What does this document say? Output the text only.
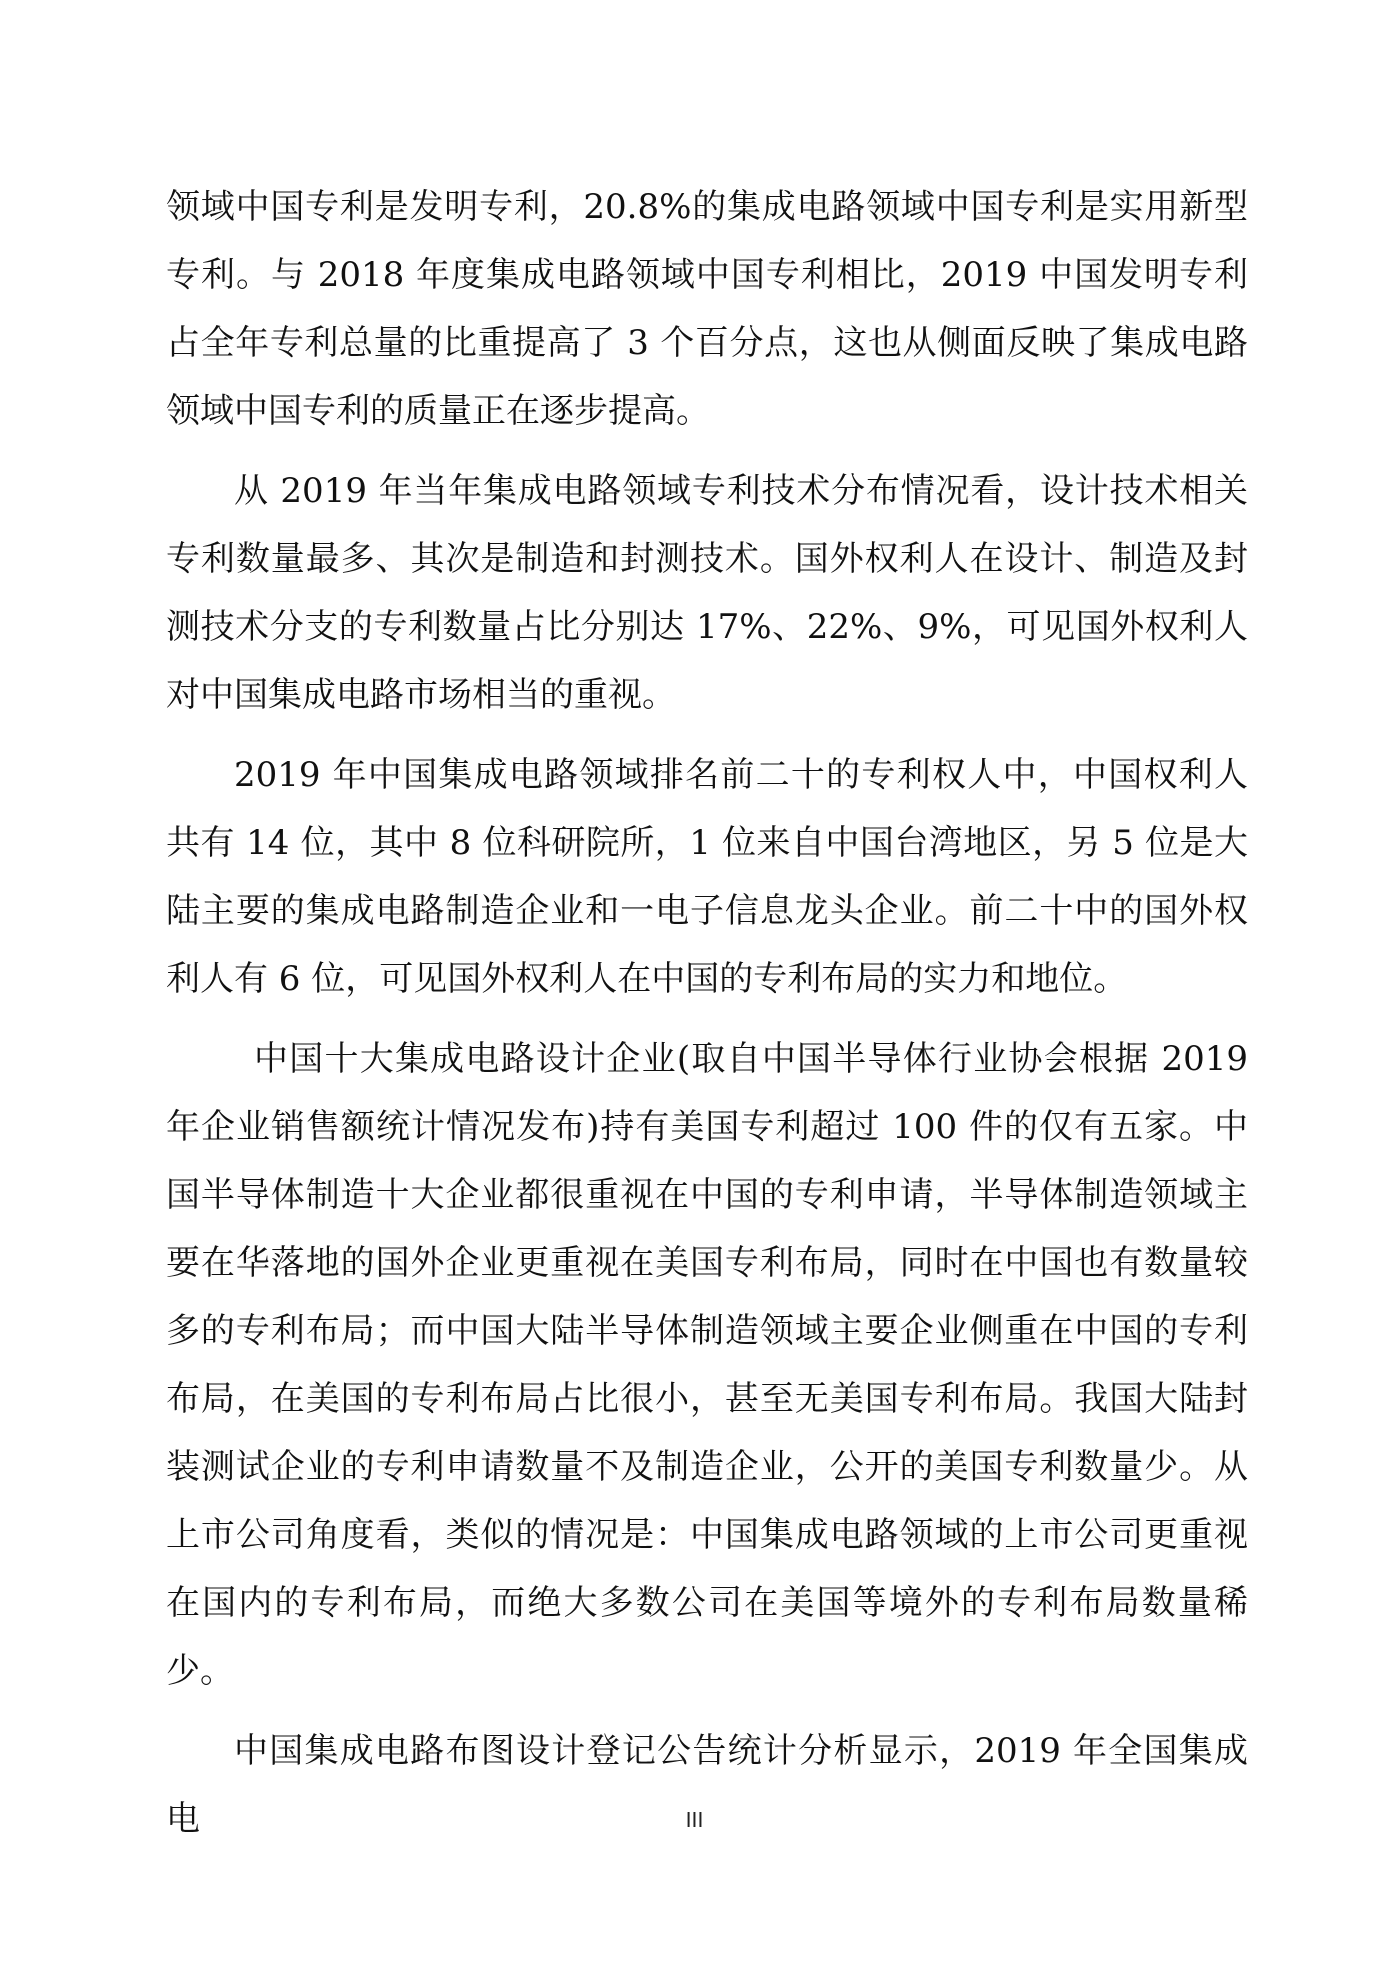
领域中国专利是发明专利，20.8%的集成电路领域中国专利是实用新型专利。与 2018 年度集成电路领域中国专利相比，2019 中国发明专利占全年专利总量的比重提高了 3 个百分点，这也从侧面反映了集成电路领域中国专利的质量正在逐步提高。

从 2019 年当年集成电路领域专利技术分布情况看，设计技术相关专利数量最多、其次是制造和封测技术。国外权利人在设计、制造及封测技术分支的专利数量占比分别达 17%、22%、9%，可见国外权利人对中国集成电路市场相当的重视。

2019 年中国集成电路领域排名前二十的专利权人中，中国权利人共有 14 位，其中 8 位科研院所，1 位来自中国台湾地区，另 5 位是大陆主要的集成电路制造企业和一电子信息龙头企业。前二十中的国外权利人有 6 位，可见国外权利人在中国的专利布局的实力和地位。

中国十大集成电路设计企业(取自中国半导体行业协会根据 2019 年企业销售额统计情况发布)持有美国专利超过 100 件的仅有五家。中国半导体制造十大企业都很重视在中国的专利申请，半导体制造领域主要在华落地的国外企业更重视在美国专利布局，同时在中国也有数量较多的专利布局；而中国大陆半导体制造领域主要企业侧重在中国的专利布局，在美国的专利布局占比很小，甚至无美国专利布局。我国大陆封装测试企业的专利申请数量不及制造企业，公开的美国专利数量少。从上市公司角度看，类似的情况是：中国集成电路领域的上市公司更重视在国内的专利布局，而绝大多数公司在美国等境外的专利布局数量稀少。

中国集成电路布图设计登记公告统计分析显示，2019 年全国集成电	III
